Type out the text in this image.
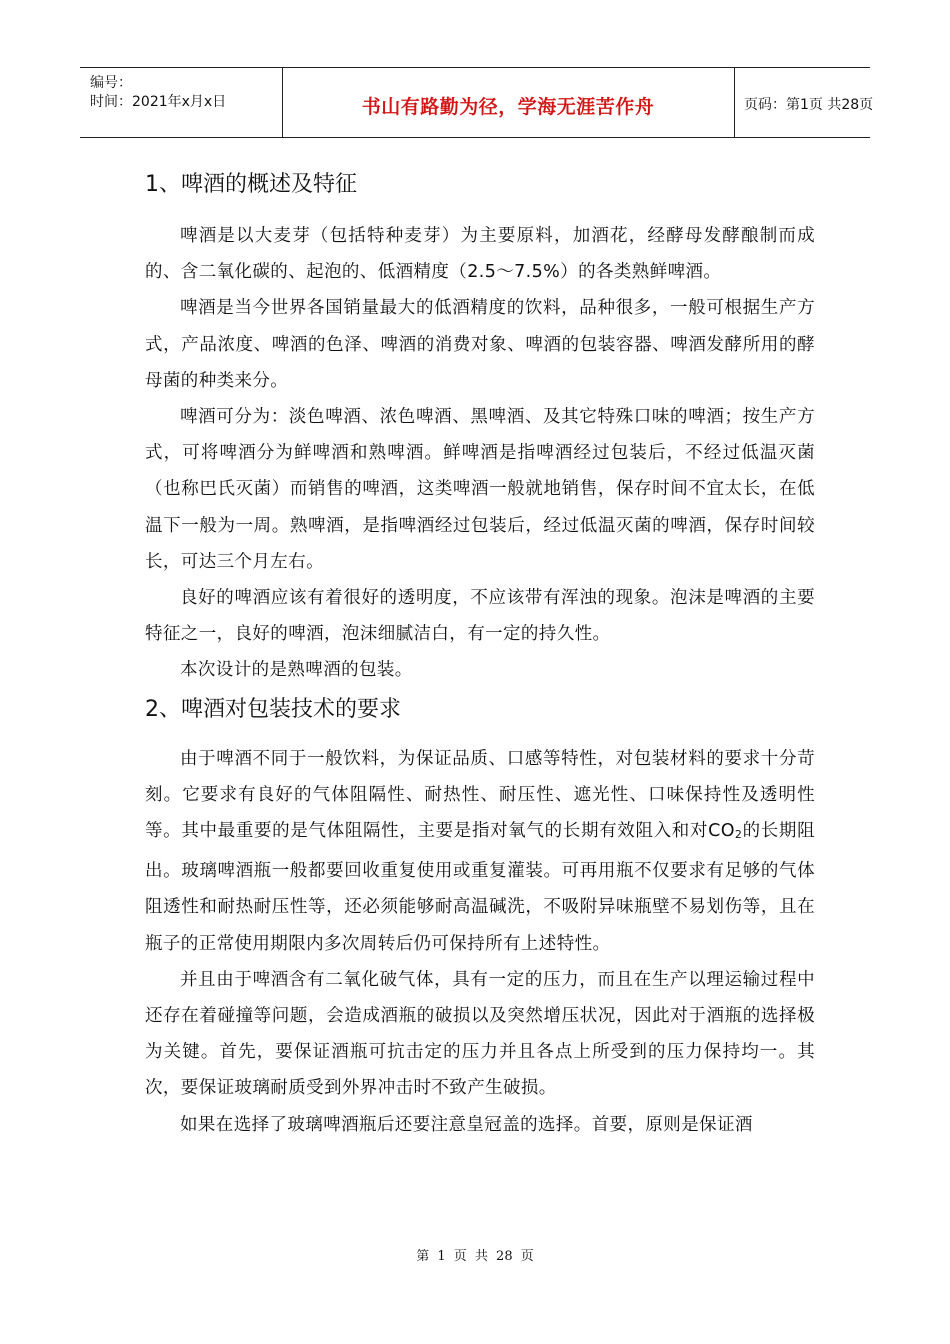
编号：
时间：2021年x月x日	书山有路勤为径，学海无涯苦作舟	页码：第1页 共28页
1、啤酒的概述及特征

啤酒是以大麦芽（包括特种麦芽）为主要原料，加酒花，经酵母发酵酿制而成的、含二氧化碳的、起泡的、低酒精度（2.5～7.5%）的各类熟鲜啤酒。

啤酒是当今世界各国销量最大的低酒精度的饮料，品种很多，一般可根据生产方式，产品浓度、啤酒的色泽、啤酒的消费对象、啤酒的包装容器、啤酒发酵所用的酵母菌的种类来分。

啤酒可分为：淡色啤酒、浓色啤酒、黑啤酒、及其它特殊口味的啤酒；按生产方式，可将啤酒分为鲜啤酒和熟啤酒。鲜啤酒是指啤酒经过包装后，不经过低温灭菌（也称巴氏灭菌）而销售的啤酒，这类啤酒一般就地销售，保存时间不宜太长，在低温下一般为一周。熟啤酒，是指啤酒经过包装后，经过低温灭菌的啤酒，保存时间较长，可达三个月左右。

良好的啤酒应该有着很好的透明度，不应该带有浑浊的现象。泡沫是啤酒的主要特征之一，良好的啤酒，泡沫细腻洁白，有一定的持久性。

本次设计的是熟啤酒的包装。

2、啤酒对包装技术的要求

由于啤酒不同于一般饮料，为保证品质、口感等特性，对包装材料的要求十分苛刻。它要求有良好的气体阻隔性、耐热性、耐压性、遮光性、口味保持性及透明性等。其中最重要的是气体阻隔性，主要是指对氧气的长期有效阻入和对$CO_2$的长期阻出。玻璃啤酒瓶一般都要回收重复使用或重复灌装。可再用瓶不仅要求有足够的气体阻透性和耐热耐压性等，还必须能够耐高温碱洗，不吸附异味瓶壁不易划伤等，且在瓶子的正常使用期限内多次周转后仍可保持所有上述特性。

并且由于啤酒含有二氧化破气体，具有一定的压力，而且在生产以理运输过程中还存在着碰撞等问题，会造成酒瓶的破损以及突然增压状况，因此对于酒瓶的选择极为关键。首先，要保证酒瓶可抗击定的压力并且各点上所受到的压力保持均一。其次，要保证玻璃耐质受到外界冲击时不致产生破损。

如果在选择了玻璃啤酒瓶后还要注意皇冠盖的选择。首要，原则是保证酒

第 1 页 共 28 页
